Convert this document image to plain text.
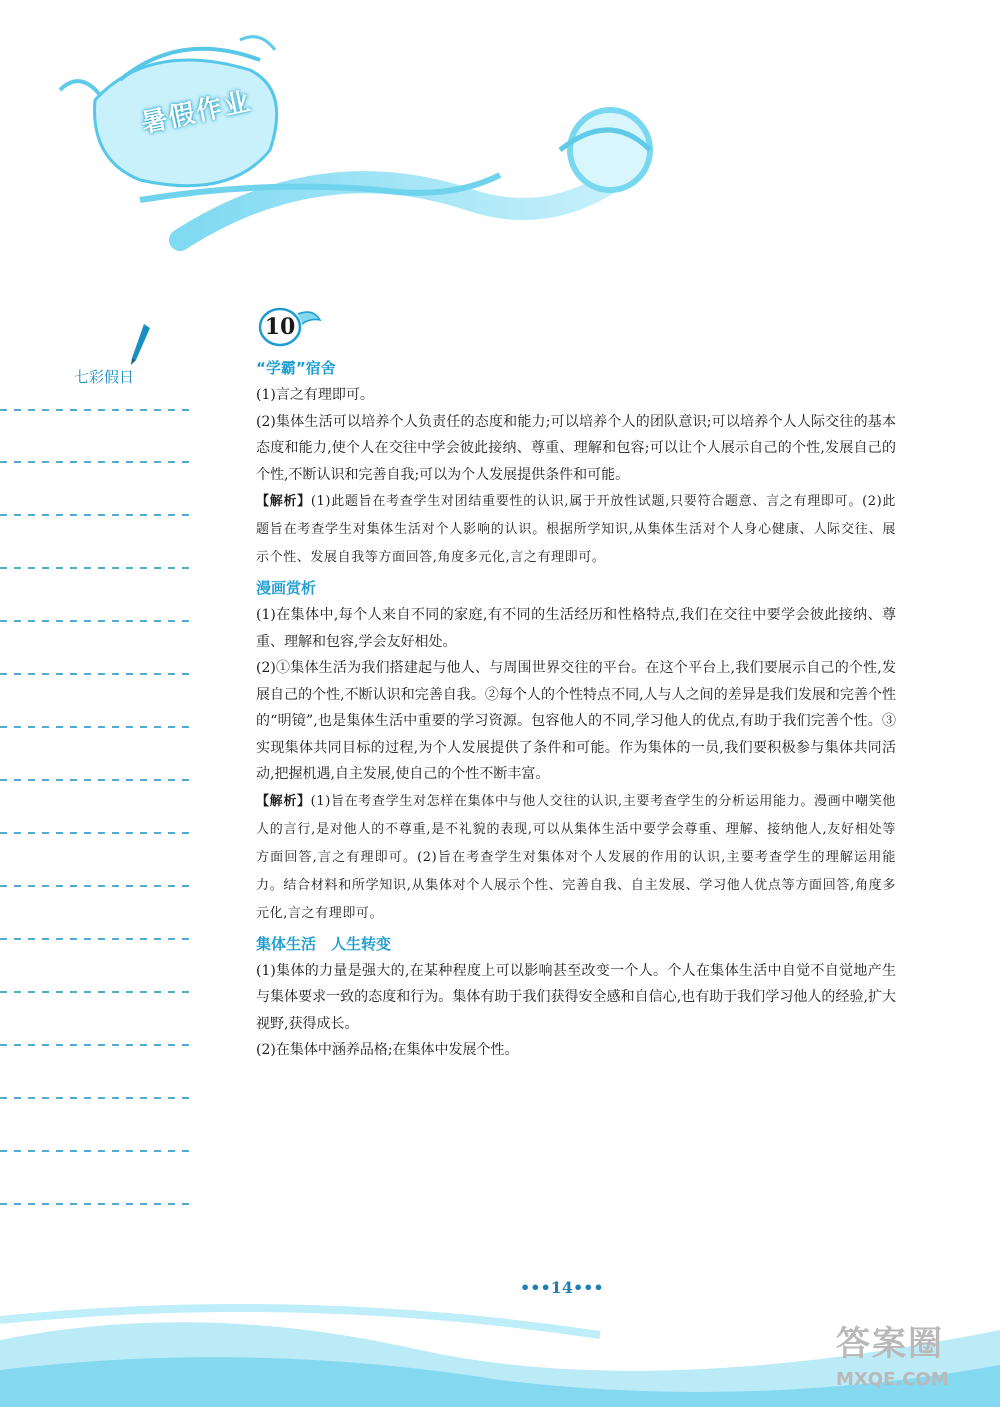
暑假作业
七彩假日
10
“学霸”宿舍

(1)言之有理即可。

(2)集体生活可以培养个人负责任的态度和能力;可以培养个人的团队意识;可以培养个人人际交往的基本态度和能力,使个人在交往中学会彼此接纳、尊重、理解和包容;可以让个人展示自己的个性,发展自己的个性,不断认识和完善自我;可以为个人发展提供条件和可能。

【解析】(1)此题旨在考查学生对团结重要性的认识,属于开放性试题,只要符合题意、言之有理即可。(2)此题旨在考查学生对集体生活对个人影响的认识。根据所学知识,从集体生活对个人身心健康、人际交往、展示个性、发展自我等方面回答,角度多元化,言之有理即可。

漫画赏析

(1)在集体中,每个人来自不同的家庭,有不同的生活经历和性格特点,我们在交往中要学会彼此接纳、尊重、理解和包容,学会友好相处。

(2)①集体生活为我们搭建起与他人、与周围世界交往的平台。在这个平台上,我们要展示自己的个性,发展自己的个性,不断认识和完善自我。②每个人的个性特点不同,人与人之间的差异是我们发展和完善个性的“明镜”,也是集体生活中重要的学习资源。包容他人的不同,学习他人的优点,有助于我们完善个性。③实现集体共同目标的过程,为个人发展提供了条件和可能。作为集体的一员,我们要积极参与集体共同活动,把握机遇,自主发展,使自己的个性不断丰富。

【解析】(1)旨在考查学生对怎样在集体中与他人交往的认识,主要考查学生的分析运用能力。漫画中嘲笑他人的言行,是对他人的不尊重,是不礼貌的表现,可以从集体生活中要学会尊重、理解、接纳他人,友好相处等方面回答,言之有理即可。(2)旨在考查学生对集体对个人发展的作用的认识,主要考查学生的理解运用能力。结合材料和所学知识,从集体对个人展示个性、完善自我、自主发展、学习他人优点等方面回答,角度多元化,言之有理即可。

集体生活　人生转变

(1)集体的力量是强大的,在某种程度上可以影响甚至改变一个人。个人在集体生活中自觉不自觉地产生与集体要求一致的态度和行为。集体有助于我们获得安全感和自信心,也有助于我们学习他人的经验,扩大视野,获得成长。

(2)在集体中涵养品格;在集体中发展个性。

•••14•••
答案圈
MXQE.COM
